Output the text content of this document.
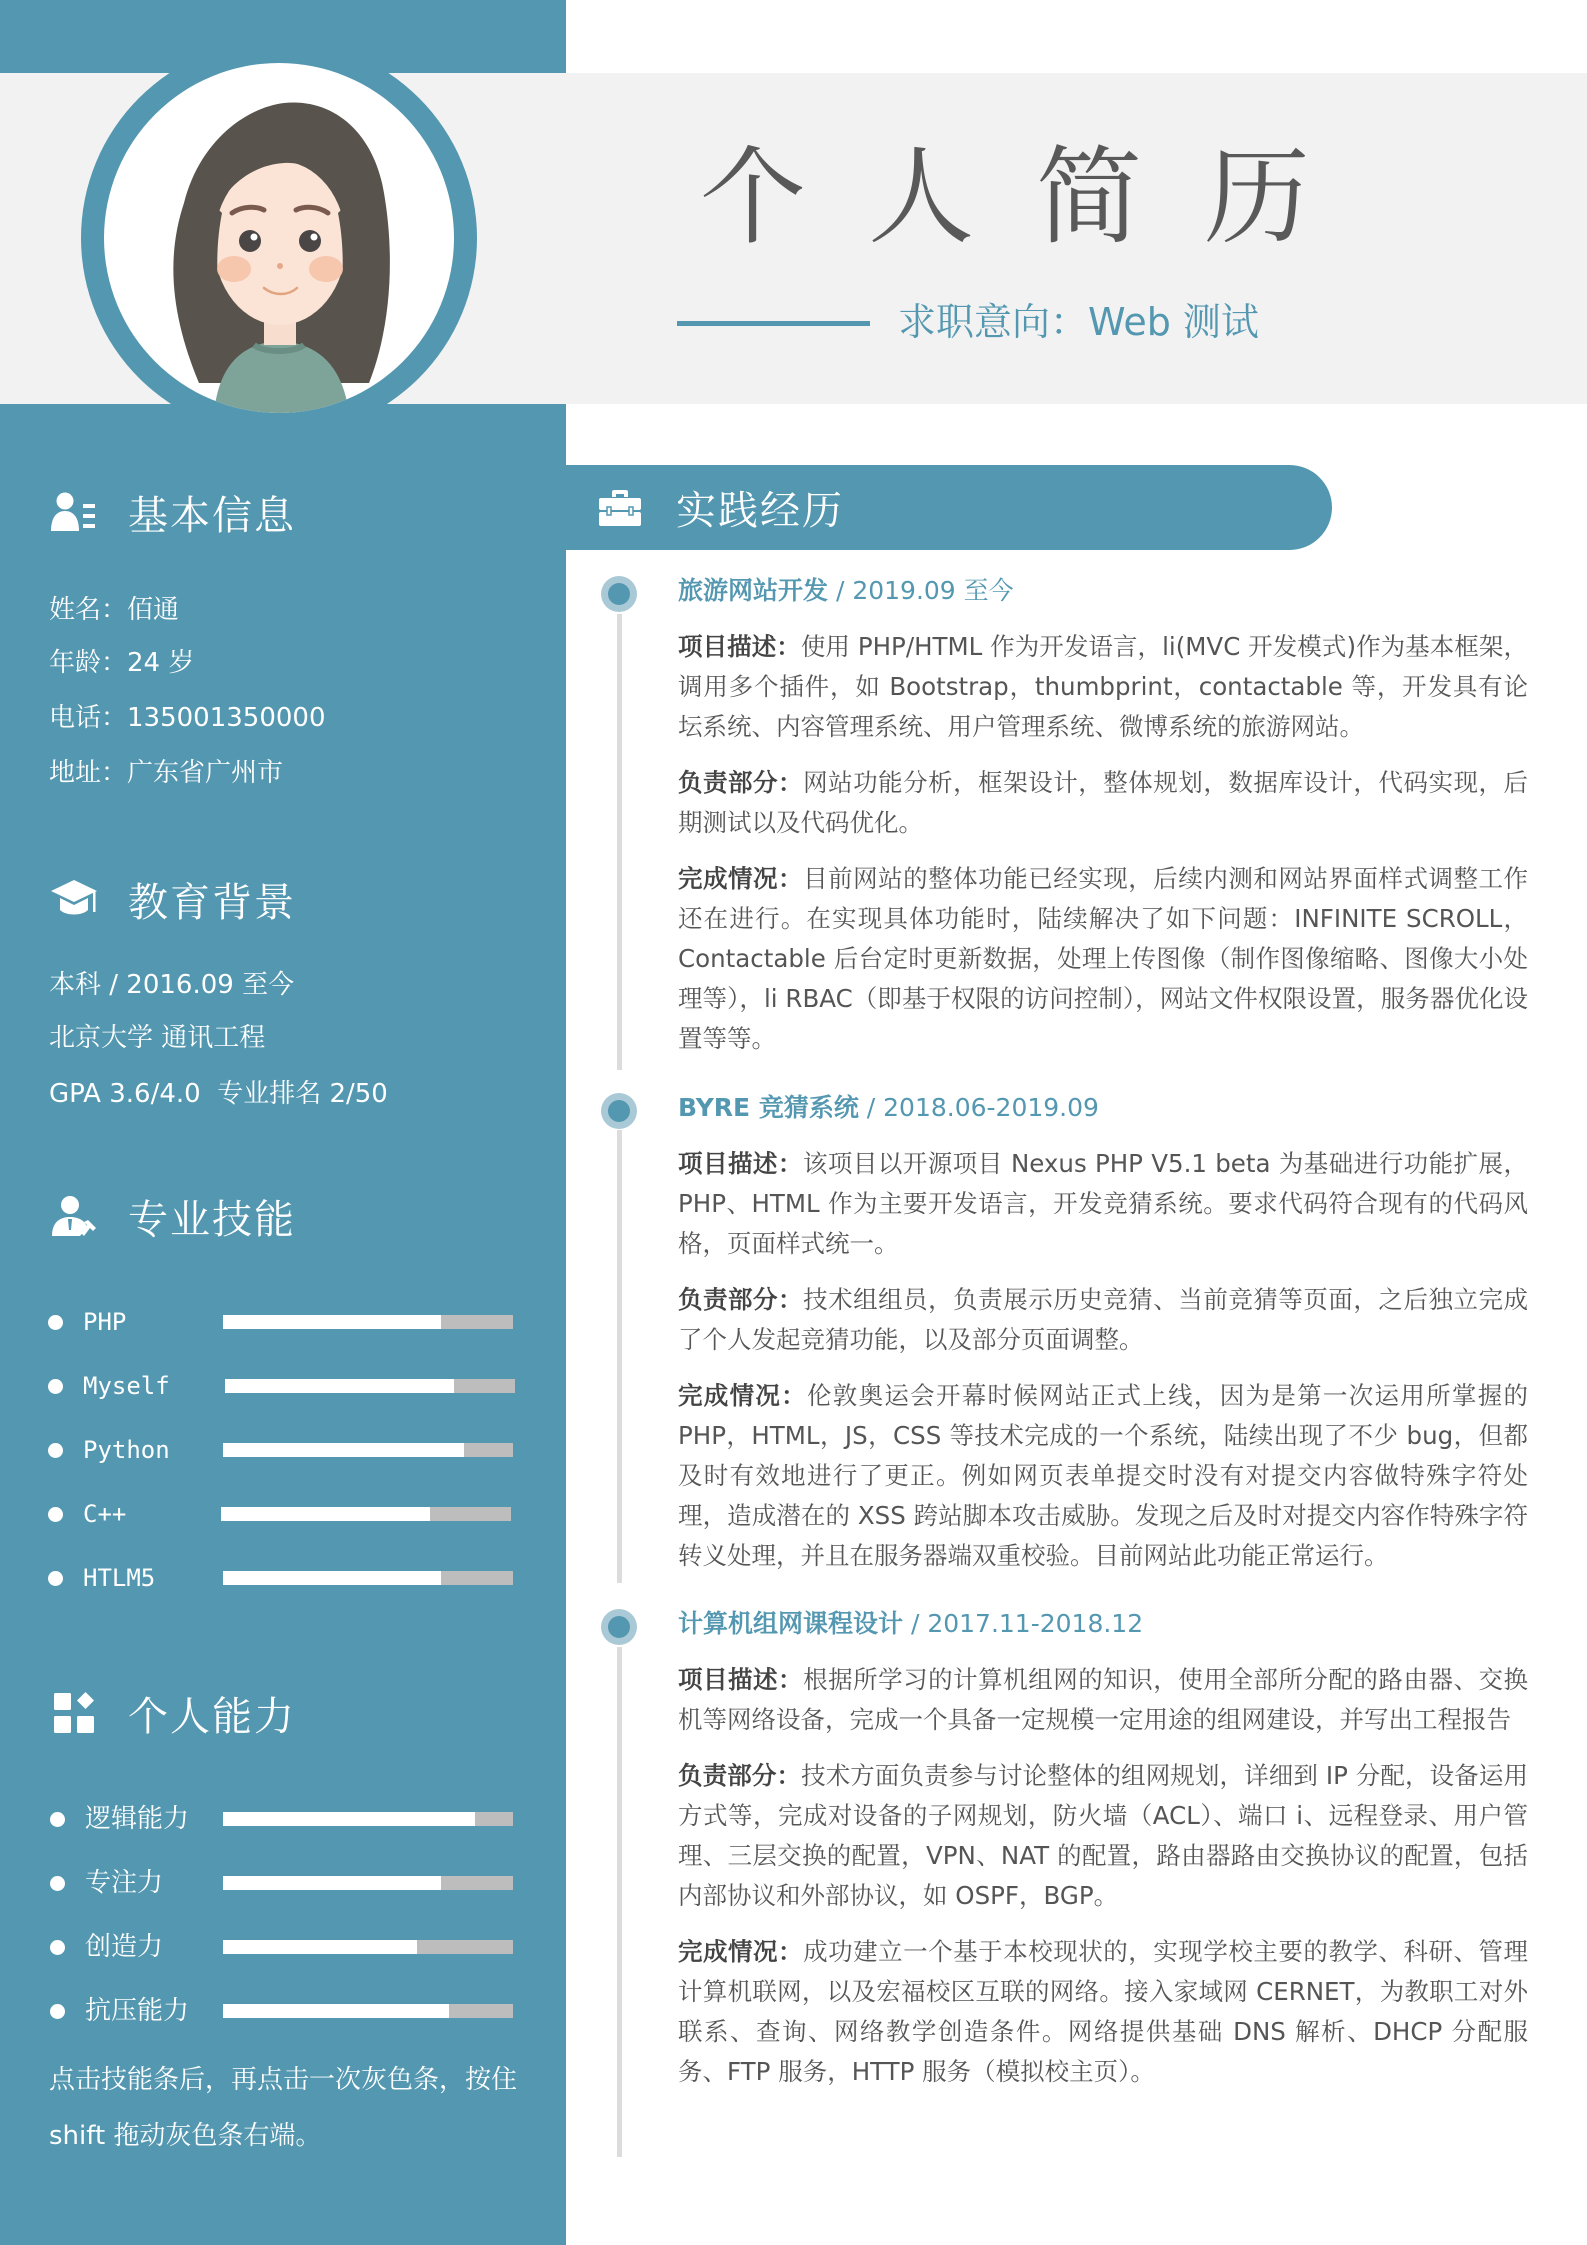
个人简历
求职意向：Web 测试
基本信息
姓名：佰通
年龄：24 岁
电话：135001350000
地址：广东省广州市
教育背景
本科 / 2016.09 至今
北京大学 通讯工程
GPA 3.6/4.0  专业排名 2/50
专业技能
PHP
Myself
Python
C++
HTLM5
个人能力
逻辑能力
专注力
创造力
抗压能力
点击技能条后，再点击一次灰色条，按住 shift 拖动灰色条右端。
实践经历
旅游网站开发 / 2019.09 至今

项目描述：使用 PHP/HTML 作为开发语言，li(MVC 开发模式)作为基本框架，调用多个插件，如 Bootstrap，thumbprint，contactable 等，开发具有论坛系统、内容管理系统、用户管理系统、微博系统的旅游网站。

负责部分：网站功能分析，框架设计，整体规划，数据库设计，代码实现，后期测试以及代码优化。

完成情况：目前网站的整体功能已经实现，后续内测和网站界面样式调整工作还在进行。在实现具体功能时，陆续解决了如下问题：INFINITE SCROLL，Contactable 后台定时更新数据，处理上传图像（制作图像缩略、图像大小处理等），li RBAC（即基于权限的访问控制），网站文件权限设置，服务器优化设置等等。

BYRE 竞猜系统 / 2018.06-2019.09

项目描述：该项目以开源项目 Nexus PHP V5.1 beta 为基础进行功能扩展，PHP、HTML 作为主要开发语言，开发竞猜系统。要求代码符合现有的代码风格，页面样式统一。

负责部分：技术组组员，负责展示历史竞猜、当前竞猜等页面，之后独立完成了个人发起竞猜功能，以及部分页面调整。

完成情况：伦敦奥运会开幕时候网站正式上线，因为是第一次运用所掌握的 PHP，HTML，JS，CSS 等技术完成的一个系统，陆续出现了不少 bug，但都及时有效地进行了更正。例如网页表单提交时没有对提交内容做特殊字符处理，造成潜在的 XSS 跨站脚本攻击威胁。发现之后及时对提交内容作特殊字符转义处理，并且在服务器端双重校验。目前网站此功能正常运行。

计算机组网课程设计 / 2017.11-2018.12

项目描述：根据所学习的计算机组网的知识，使用全部所分配的路由器、交换机等网络设备，完成一个具备一定规模一定用途的组网建设，并写出工程报告

负责部分：技术方面负责参与讨论整体的组网规划，详细到 IP 分配，设备运用方式等，完成对设备的子网规划，防火墙（ACL）、端口 i、远程登录、用户管理、三层交换的配置，VPN、NAT 的配置，路由器路由交换协议的配置，包括内部协议和外部协议，如 OSPF，BGP。

完成情况：成功建立一个基于本校现状的，实现学校主要的教学、科研、管理计算机联网，以及宏福校区互联的网络。接入家域网 CERNET，为教职工对外联系、查询、网络教学创造条件。网络提供基础 DNS 解析、DHCP 分配服务、FTP 服务，HTTP 服务（模拟校主页）。
